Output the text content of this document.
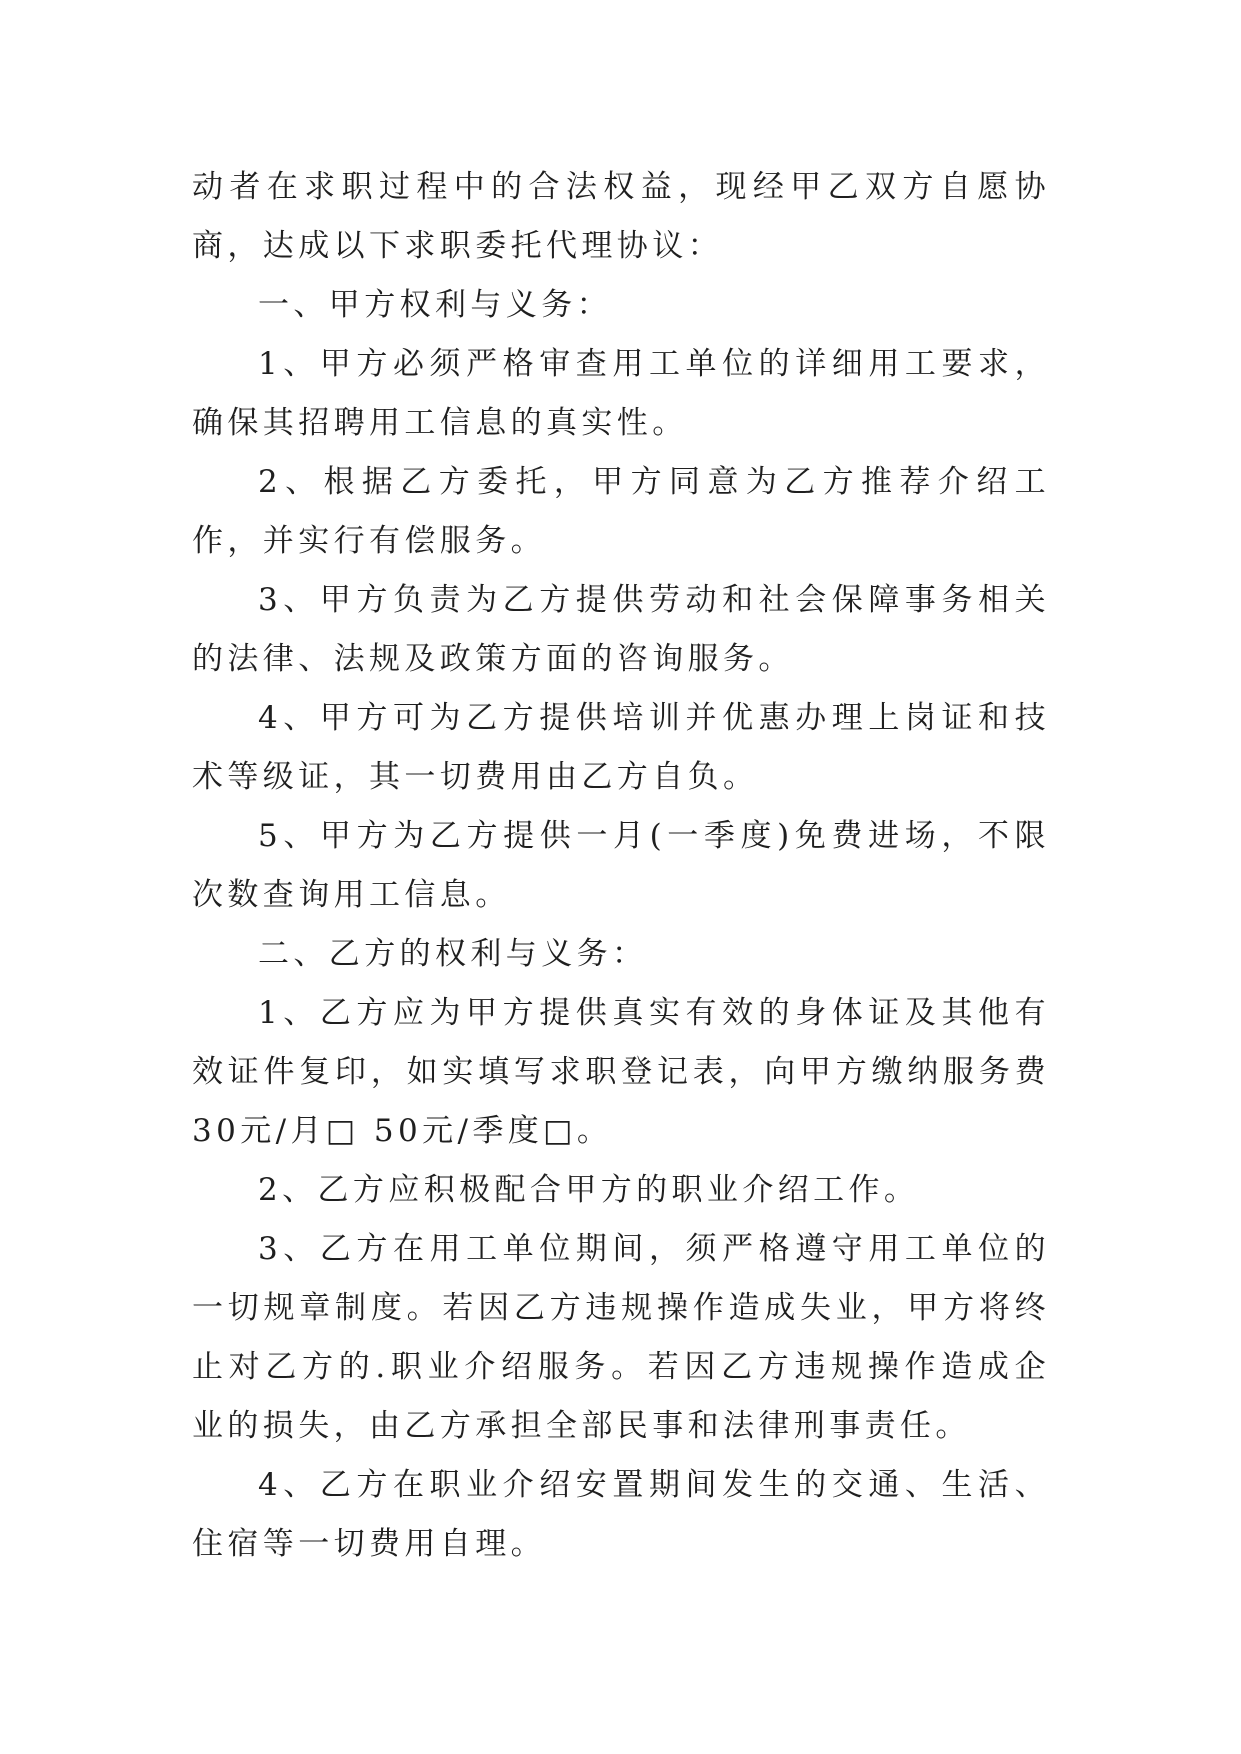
动者在求职过程中的合法权益，现经甲乙双方自愿协商，达成以下求职委托代理协议：

一、甲方权利与义务：

1、甲方必须严格审查用工单位的详细用工要求，确保其招聘用工信息的真实性。

2、根据乙方委托，甲方同意为乙方推荐介绍工作，并实行有偿服务。

3、甲方负责为乙方提供劳动和社会保障事务相关的法律、法规及政策方面的咨询服务。

4、甲方可为乙方提供培训并优惠办理上岗证和技术等级证，其一切费用由乙方自负。

5、甲方为乙方提供一月(一季度)免费进场，不限次数查询用工信息。

二、乙方的权利与义务：

1、乙方应为甲方提供真实有效的身体证及其他有效证件复印，如实填写求职登记表，向甲方缴纳服务费30元/月□ 50元/季度□。

2、乙方应积极配合甲方的职业介绍工作。

3、乙方在用工单位期间，须严格遵守用工单位的一切规章制度。若因乙方违规操作造成失业，甲方将终止对乙方的.职业介绍服务。若因乙方违规操作造成企业的损失，由乙方承担全部民事和法律刑事责任。

4、乙方在职业介绍安置期间发生的交通、生活、住宿等一切费用自理。
